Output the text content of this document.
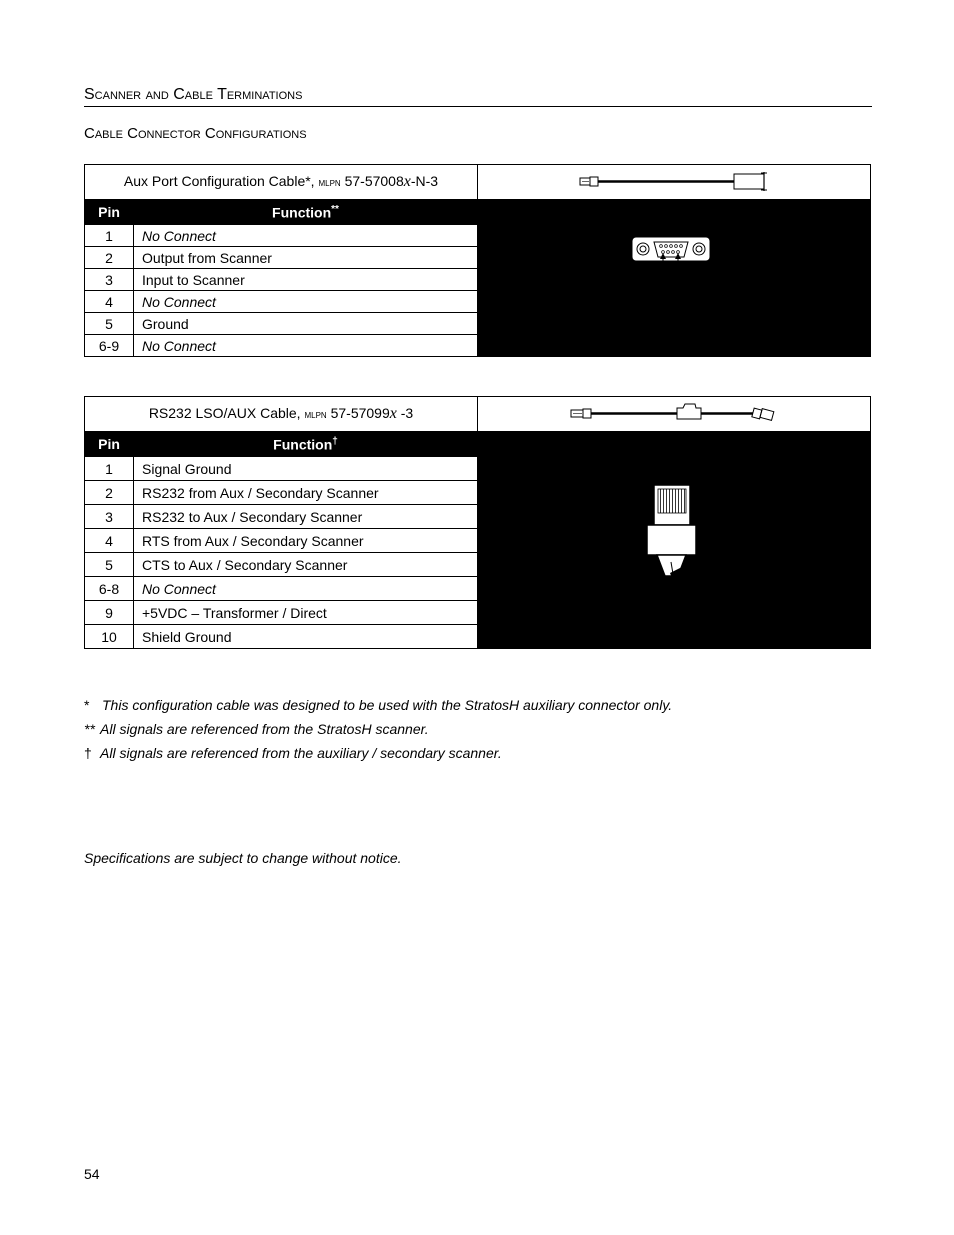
Scanner and Cable Terminations
Cable Connector Configurations
Aux Port Configuration Cable*, mlpn 57-57008x-N-3	
Pin	Function**	5 1
9 6
9-Pin D-Type Connector

1	No Connect	
2	Output from Scanner	
3	Input to Scanner	
4	No Connect	
5	Ground	
6-9	No Connect	
RS232 LSO/AUX Cable, mlpn 57-57099x -3	
Pin	Function†	1 10
10-Position Angled Modular Plug

1	Signal Ground	
2	RS232 from Aux / Secondary Scanner	
3	RS232 to Aux / Secondary Scanner	
4	RTS from Aux / Secondary Scanner	
5	CTS to Aux / Secondary Scanner	
6-8	No Connect	
9	+5VDC – Transformer / Direct	
10	Shield Ground	
* This configuration cable was designed to be used with the StratosH auxiliary connector only.
** All signals are referenced from the StratosH scanner.
† All signals are referenced from the auxiliary / secondary scanner.
Specifications are subject to change without notice.
54
